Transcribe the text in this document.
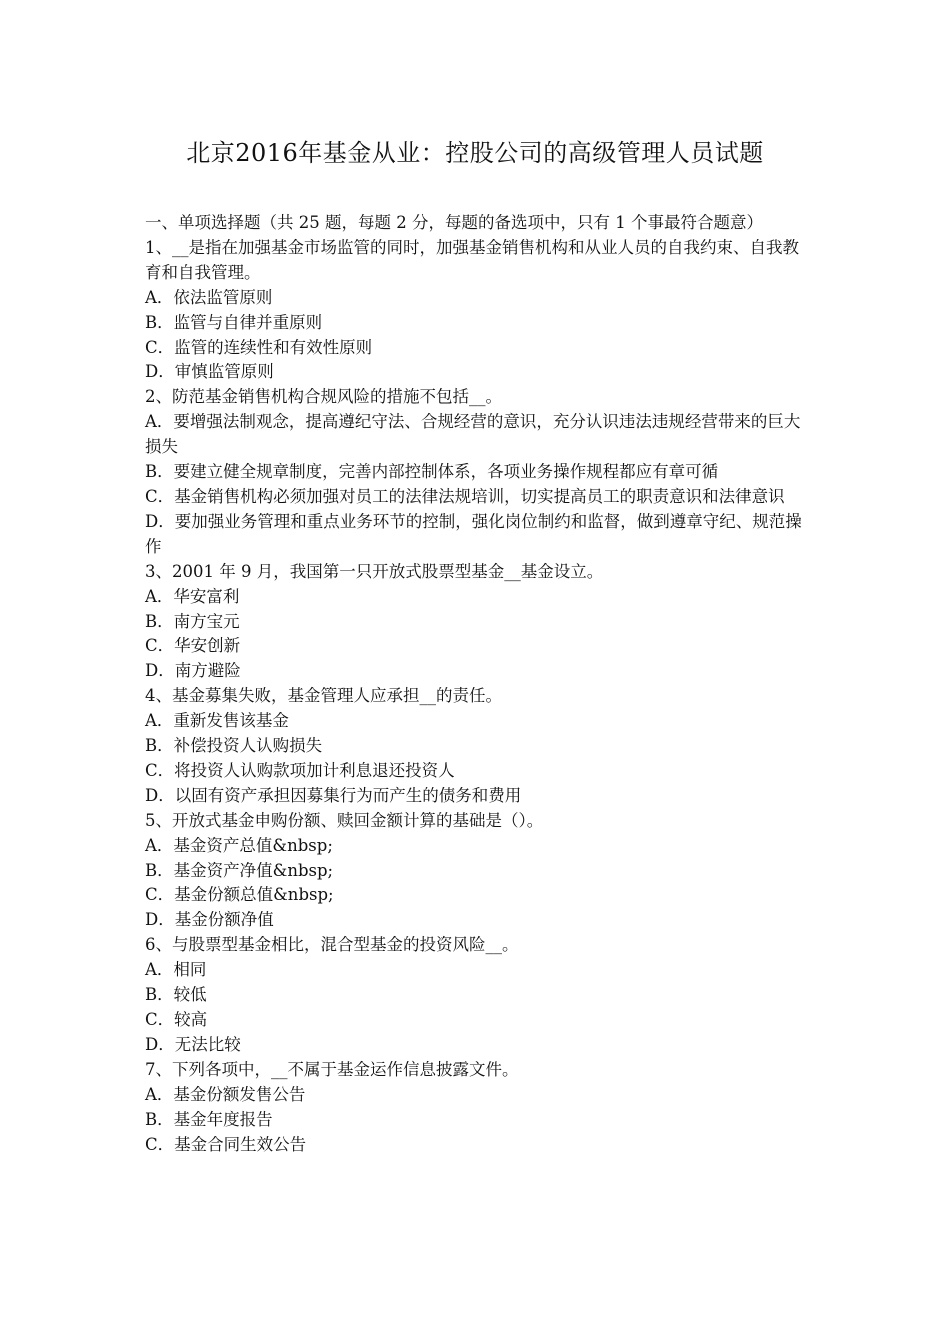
北京2016年基金从业：控股公司的高级管理人员试题
一、单项选择题（共 25 题，每题 2 分，每题的备选项中，只有 1 个事最符合题意）
1、__是指在加强基金市场监管的同时，加强基金销售机构和从业人员的自我约束、自我教育和自我管理。
A．依法监管原则
B．监管与自律并重原则
C．监管的连续性和有效性原则
D．审慎监管原则
2、防范基金销售机构合规风险的措施不包括__。
A．要增强法制观念，提高遵纪守法、合规经营的意识，充分认识违法违规经营带来的巨大损失
B．要建立健全规章制度，完善内部控制体系，各项业务操作规程都应有章可循
C．基金销售机构必须加强对员工的法律法规培训，切实提高员工的职责意识和法律意识
D．要加强业务管理和重点业务环节的控制，强化岗位制约和监督，做到遵章守纪、规范操作
3、2001 年 9 月，我国第一只开放式股票型基金__基金设立。
A．华安富利
B．南方宝元
C．华安创新
D．南方避险
4、基金募集失败，基金管理人应承担__的责任。
A．重新发售该基金
B．补偿投资人认购损失
C．将投资人认购款项加计利息退还投资人
D．以固有资产承担因募集行为而产生的债务和费用
5、开放式基金申购份额、赎回金额计算的基础是（）。
A．基金资产总值&nbsp;
B．基金资产净值&nbsp;
C．基金份额总值&nbsp;
D．基金份额净值
6、与股票型基金相比，混合型基金的投资风险__。
A．相同
B．较低
C．较高
D．无法比较
7、下列各项中，__不属于基金运作信息披露文件。
A．基金份额发售公告
B．基金年度报告
C．基金合同生效公告
